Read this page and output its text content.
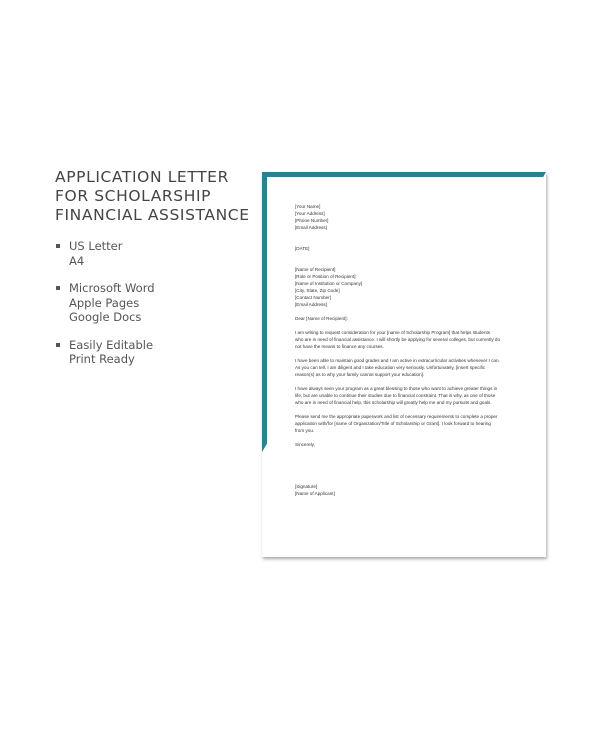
APPLICATION LETTER
FOR SCHOLARSHIP
FINANCIAL ASSISTANCE
US Letter
A4
Microsoft Word
Apple Pages
Google Docs
Easily Editable
Print Ready
[Your Name]
[Your Address]
[Phone Number]
[Email Address]
[DATE]
[Name of Recipient]
[Role or Position of Recipient]
[Name of Institution or Company]
[City, State, Zip Code]
[Contact Number]
[Email Address]
Dear [Name of Recipient]:
I am writing to request consideration for your [name of Scholarship Program] that helps students
who are in need of financial assistance. I will shortly be applying for several colleges, but currently do
not have the means to finance any courses.
I have been able to maintain good grades and I am active in extracurricular activities whenever I can.
As you can tell, I am diligent and I take education very seriously. Unfortunately, [insert specific
reason(s) as to why your family cannot support your education].
I have always seen your program as a great blessing to those who want to achieve greater things in
life, but are unable to continue their studies due to financial constraint. That is why, as one of those
who are in need of financial help, this scholarship will greatly help me and my pursuits and goals.
Please send me the appropriate paperwork and list of necessary requirements to complete a proper
application with/for [name of Organization/Title of Scholarship or Grant]. I look forward to hearing
from you.
Sincerely,
[Signature]
[Name of Applicant]
